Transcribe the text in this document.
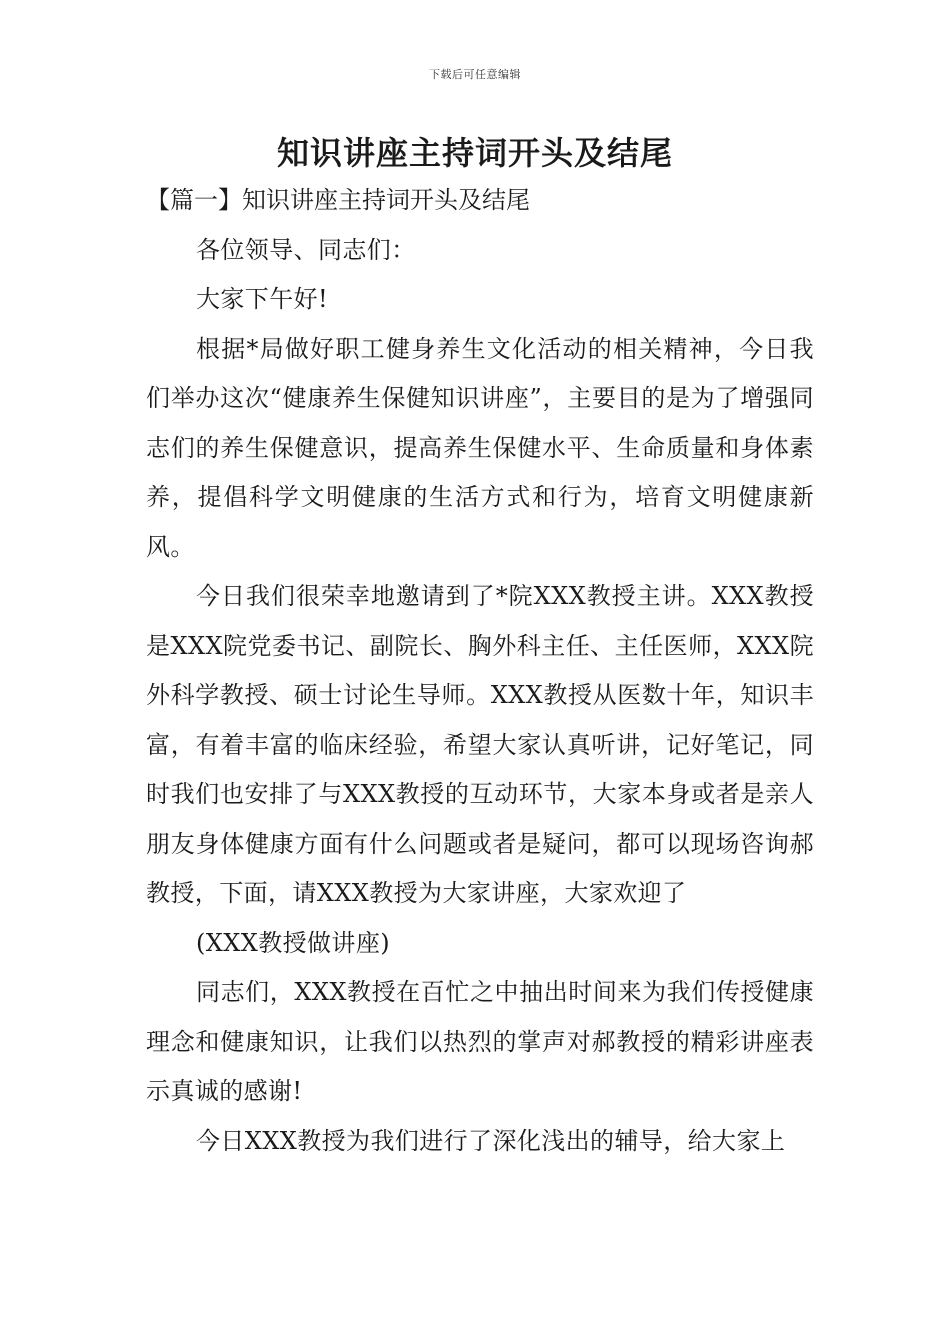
下载后可任意编辑
知识讲座主持词开头及结尾

【篇一】知识讲座主持词开头及结尾

各位领导、同志们：

大家下午好!

根据*局做好职工健身养生文化活动的相关精神，今日我们举办这次“健康养生保健知识讲座”，主要目的是为了增强同志们的养生保健意识，提高养生保健水平、生命质量和身体素养，提倡科学文明健康的生活方式和行为，培育文明健康新风。

今日我们很荣幸地邀请到了*院XXX教授主讲。XXX教授是XXX院党委书记、副院长、胸外科主任、主任医师，XXX院外科学教授、硕士讨论生导师。XXX教授从医数十年，知识丰富，有着丰富的临床经验，希望大家认真听讲，记好笔记，同时我们也安排了与XXX教授的互动环节，大家本身或者是亲人朋友身体健康方面有什么问题或者是疑问，都可以现场咨询郝教授，下面，请XXX教授为大家讲座，大家欢迎了

(XXX教授做讲座)

同志们，XXX教授在百忙之中抽出时间来为我们传授健康理念和健康知识，让我们以热烈的掌声对郝教授的精彩讲座表示真诚的感谢!

今日XXX教授为我们进行了深化浅出的辅导，给大家上
